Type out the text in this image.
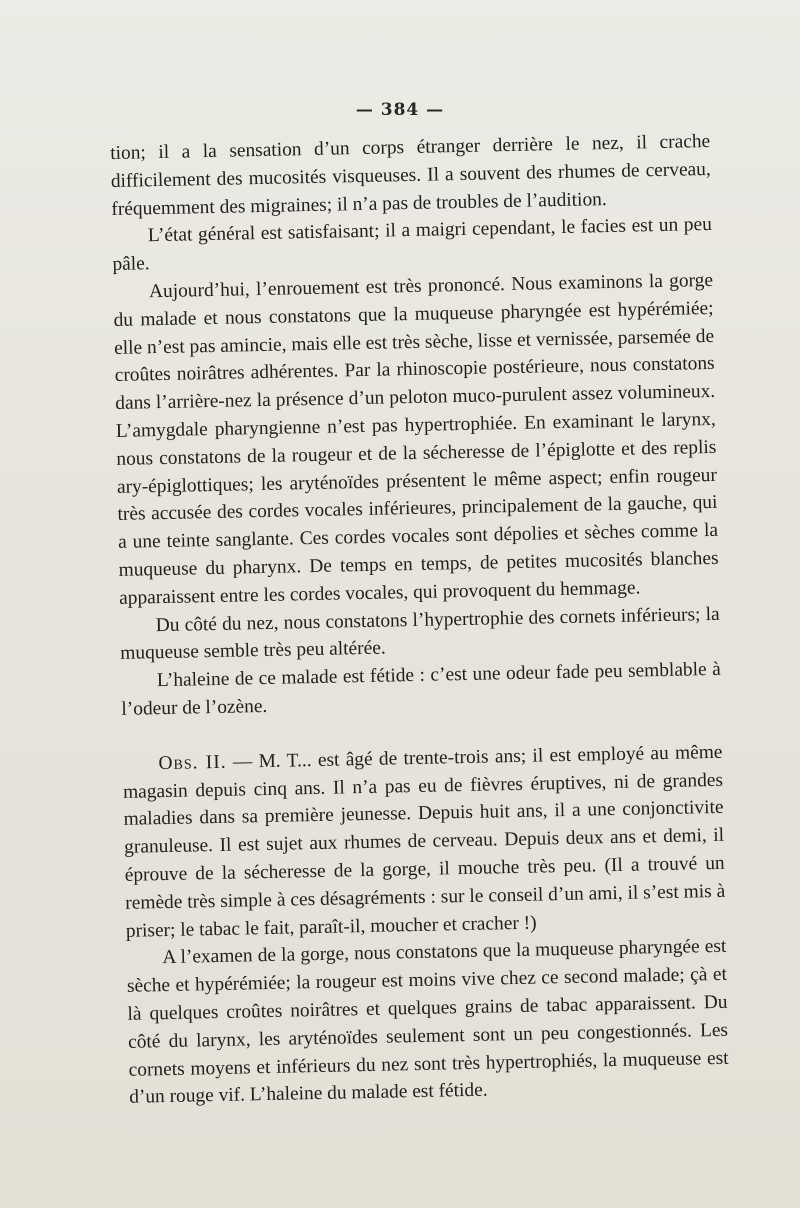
— 384 —

tion; il a la sensation d’un corps étranger derrière le nez, il crache difficilement des mucosités visqueuses. Il a souvent des rhumes de cerveau, fréquemment des migraines; il n’a pas de troubles de l’audition.

L’état général est satisfaisant; il a maigri cependant, le facies est un peu pâle.

Aujourd’hui, l’enrouement est très prononcé. Nous examinons la gorge du malade et nous constatons que la muqueuse pharyngée est hypérémiée; elle n’est pas amincie, mais elle est très sèche, lisse et vernissée, parsemée de croûtes noirâtres adhérentes. Par la rhinoscopie postérieure, nous constatons dans l’arrière-nez la présence d’un peloton muco-purulent assez volumineux. L’amygdale pharyngienne n’est pas hypertrophiée. En examinant le larynx, nous constatons de la rougeur et de la sécheresse de l’épiglotte et des replis ary-épiglottiques; les aryténoïdes présentent le même aspect; enfin rougeur très accusée des cordes vocales inférieures, principalement de la gauche, qui a une teinte sanglante. Ces cordes vocales sont dépolies et sèches comme la muqueuse du pharynx. De temps en temps, de petites mucosités blanches apparaissent entre les cordes vocales, qui provoquent du hemmage.

Du côté du nez, nous constatons l’hypertrophie des cornets inférieurs; la muqueuse semble très peu altérée.

L’haleine de ce malade est fétide : c’est une odeur fade peu semblable à l’odeur de l’ozène.

Obs. II. — M. T... est âgé de trente-trois ans; il est employé au même magasin depuis cinq ans. Il n’a pas eu de fièvres éruptives, ni de grandes maladies dans sa première jeunesse. Depuis huit ans, il a une conjonctivite granuleuse. Il est sujet aux rhumes de cerveau. Depuis deux ans et demi, il éprouve de la sécheresse de la gorge, il mouche très peu. (Il a trouvé un remède très simple à ces désagréments : sur le conseil d’un ami, il s’est mis à priser; le tabac le fait, paraît-il, moucher et cracher !)

A l’examen de la gorge, nous constatons que la muqueuse pharyngée est sèche et hypérémiée; la rougeur est moins vive chez ce second malade; çà et là quelques croûtes noirâtres et quelques grains de tabac apparaissent. Du côté du larynx, les aryténoïdes seulement sont un peu congestionnés. Les cornets moyens et inférieurs du nez sont très hypertrophiés, la muqueuse est d’un rouge vif. L’haleine du malade est fétide.
